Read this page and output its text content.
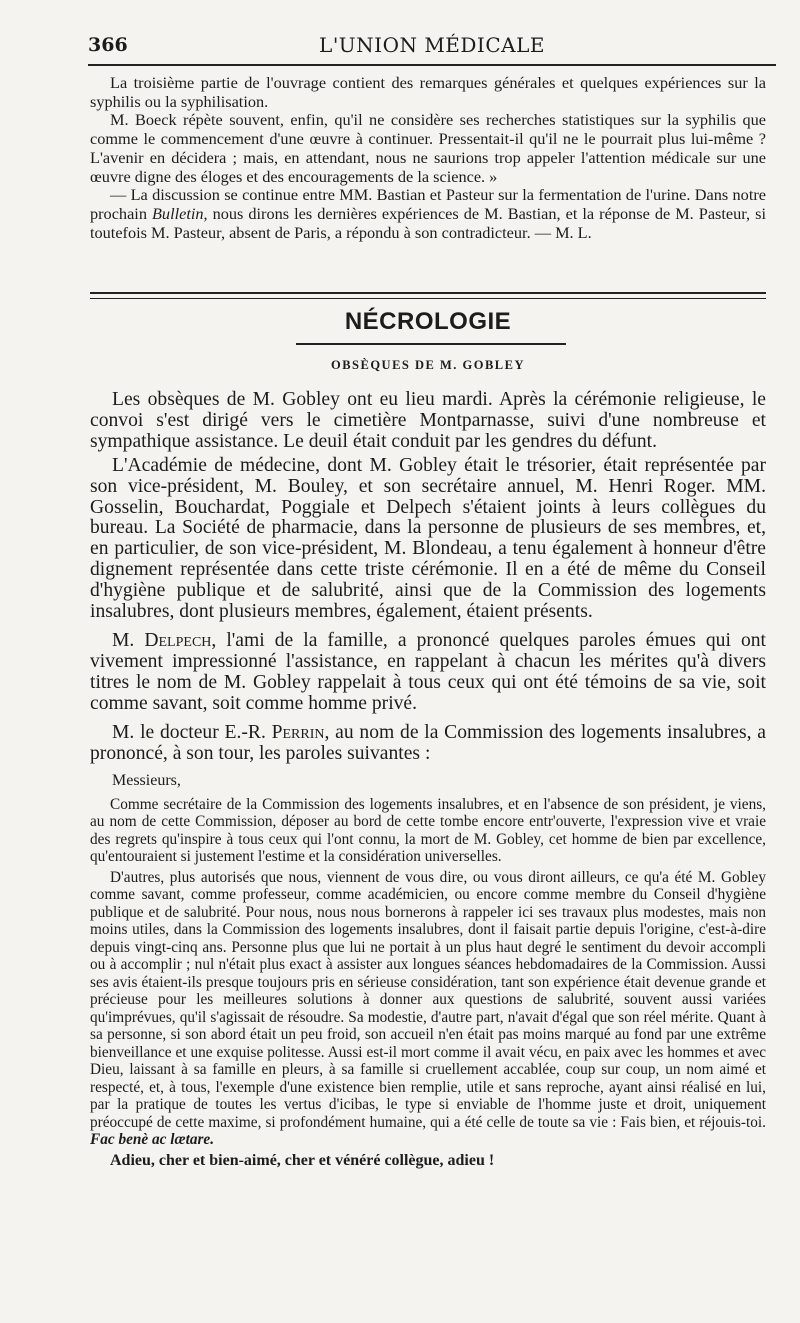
366	L'UNION MÉDICALE

La troisième partie de l'ouvrage contient des remarques générales et quelques expériences sur la syphilis ou la syphilisation.

M. Boeck répète souvent, enfin, qu'il ne considère ses recherches statistiques sur la syphilis que comme le commencement d'une œuvre à continuer. Pressentait-il qu'il ne le pourrait plus lui-même ? L'avenir en décidera ; mais, en attendant, nous ne saurions trop appeler l'attention médicale sur une œuvre digne des éloges et des encouragements de la science. »

— La discussion se continue entre MM. Bastian et Pasteur sur la fermentation de l'urine. Dans notre prochain Bulletin, nous dirons les dernières expériences de M. Bastian, et la réponse de M. Pasteur, si toutefois M. Pasteur, absent de Paris, a répondu à son contradicteur. — M. L.

NÉCROLOGIE
OBSÈQUES DE M. GOBLEY

Les obsèques de M. Gobley ont eu lieu mardi. Après la cérémonie religieuse, le convoi s'est dirigé vers le cimetière Montparnasse, suivi d'une nombreuse et sympathique assistance. Le deuil était conduit par les gendres du défunt.

L'Académie de médecine, dont M. Gobley était le trésorier, était représentée par son vice-président, M. Bouley, et son secrétaire annuel, M. Henri Roger. MM. Gosselin, Bouchardat, Poggiale et Delpech s'étaient joints à leurs collègues du bureau. La Société de pharmacie, dans la personne de plusieurs de ses membres, et, en particulier, de son vice-président, M. Blondeau, a tenu également à honneur d'être dignement représentée dans cette triste cérémonie. Il en a été de même du Conseil d'hygiène publique et de salubrité, ainsi que de la Commission des logements insalubres, dont plusieurs membres, également, étaient présents.

M. Delpech, l'ami de la famille, a prononcé quelques paroles émues qui ont vivement impressionné l'assistance, en rappelant à chacun les mérites qu'à divers titres le nom de M. Gobley rappelait à tous ceux qui ont été témoins de sa vie, soit comme savant, soit comme homme privé.

M. le docteur E.-R. Perrin, au nom de la Commission des logements insalubres, a prononcé, à son tour, les paroles suivantes :

Messieurs,

Comme secrétaire de la Commission des logements insalubres, et en l'absence de son président, je viens, au nom de cette Commission, déposer au bord de cette tombe encore entr'ouverte, l'expression vive et vraie des regrets qu'inspire à tous ceux qui l'ont connu, la mort de M. Gobley, cet homme de bien par excellence, qu'entouraient si justement l'estime et la considération universelles.

D'autres, plus autorisés que nous, viennent de vous dire, ou vous diront ailleurs, ce qu'a été M. Gobley comme savant, comme professeur, comme académicien, ou encore comme membre du Conseil d'hygiène publique et de salubrité. Pour nous, nous nous bornerons à rappeler ici ses travaux plus modestes, mais non moins utiles, dans la Commission des logements insalubres, dont il faisait partie depuis l'origine, c'est-à-dire depuis vingt-cinq ans. Personne plus que lui ne portait à un plus haut degré le sentiment du devoir accompli ou à accomplir ; nul n'était plus exact à assister aux longues séances hebdomadaires de la Commission. Aussi ses avis étaient-ils presque toujours pris en sérieuse considération, tant son expérience était devenue grande et précieuse pour les meilleures solutions à donner aux questions de salubrité, souvent aussi variées qu'imprévues, qu'il s'agissait de résoudre. Sa modestie, d'autre part, n'avait d'égal que son réel mérite. Quant à sa personne, si son abord était un peu froid, son accueil n'en était pas moins marqué au fond par une extrême bienveillance et une exquise politesse. Aussi est-il mort comme il avait vécu, en paix avec les hommes et avec Dieu, laissant à sa famille en pleurs, à sa famille si cruellement accablée, coup sur coup, un nom aimé et respecté, et, à tous, l'exemple d'une existence bien remplie, utile et sans reproche, ayant ainsi réalisé en lui, par la pratique de toutes les vertus d'icibas, le type si enviable de l'homme juste et droit, uniquement préoccupé de cette maxime, si profondément humaine, qui a été celle de toute sa vie : Fais bien, et réjouis-toi. Fac benè ac lætare.

Adieu, cher et bien-aimé, cher et vénéré collègue, adieu !
